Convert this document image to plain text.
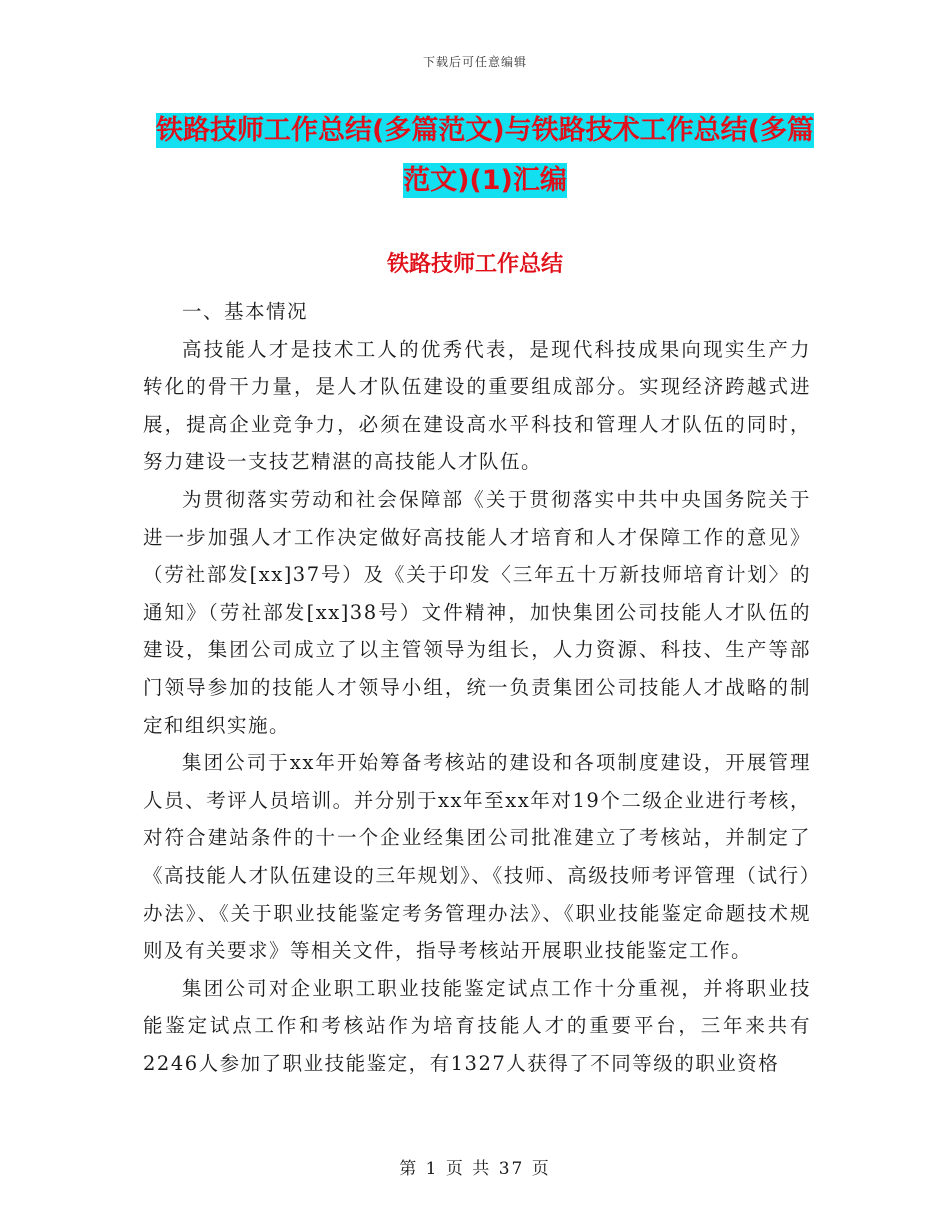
下载后可任意编辑
铁路技师工作总结(多篇范文)与铁路技术工作总结(多篇范文)(1)汇编
铁路技师工作总结

一、基本情况

高技能人才是技术工人的优秀代表，是现代科技成果向现实生产力转化的骨干力量，是人才队伍建设的重要组成部分。实现经济跨越式进展，提高企业竞争力，必须在建设高水平科技和管理人才队伍的同时，努力建设一支技艺精湛的高技能人才队伍。

为贯彻落实劳动和社会保障部《关于贯彻落实中共中央国务院关于进一步加强人才工作决定做好高技能人才培育和人才保障工作的意见》（劳社部发[xx]37号）及《关于印发〈三年五十万新技师培育计划〉的通知》（劳社部发[xx]38号）文件精神，加快集团公司技能人才队伍的建设，集团公司成立了以主管领导为组长，人力资源、科技、生产等部门领导参加的技能人才领导小组，统一负责集团公司技能人才战略的制定和组织实施。

集团公司于xx年开始筹备考核站的建设和各项制度建设，开展管理人员、考评人员培训。并分别于xx年至xx年对19个二级企业进行考核，对符合建站条件的十一个企业经集团公司批准建立了考核站，并制定了《高技能人才队伍建设的三年规划》、《技师、高级技师考评管理（试行）办法》、《关于职业技能鉴定考务管理办法》、《职业技能鉴定命题技术规则及有关要求》等相关文件，指导考核站开展职业技能鉴定工作。

集团公司对企业职工职业技能鉴定试点工作十分重视，并将职业技能鉴定试点工作和考核站作为培育技能人才的重要平台，三年来共有2246人参加了职业技能鉴定，有1327人获得了不同等级的职业资格

第 1 页 共 37 页
